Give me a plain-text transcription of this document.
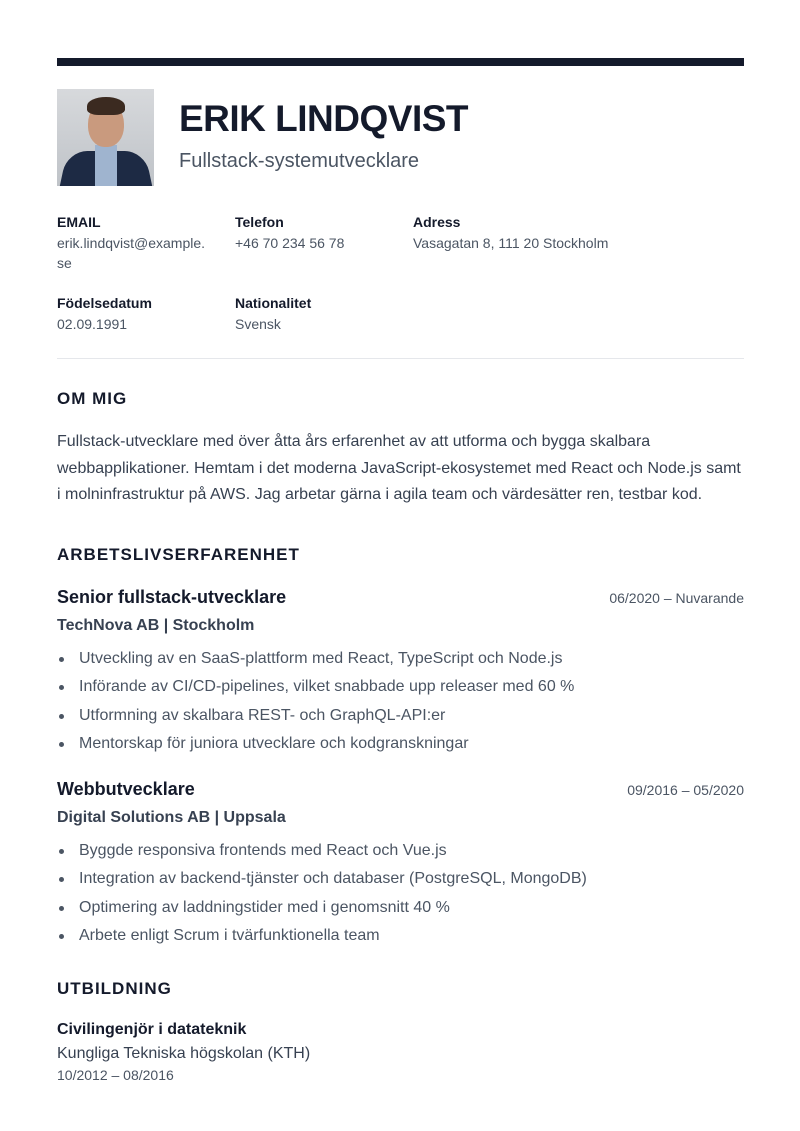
ERIK LINDQVIST
Fullstack-systemutvecklare
EMAIL
erik.lindqvist@example.se
Telefon
+46 70 234 56 78
Adress
Vasagatan 8, 111 20 Stockholm
Födelsedatum
02.09.1991
Nationalitet
Svensk
OM MIG

Fullstack-utvecklare med över åtta års erfarenhet av att utforma och bygga skalbara webbapplikationer. Hemtam i det moderna JavaScript-ekosystemet med React och Node.js samt i molninfrastruktur på AWS. Jag arbetar gärna i agila team och värdesätter ren, testbar kod.

ARBETSLIVSERFARENHET
Senior fullstack-utvecklare	06/2020 – Nuvarande
TechNova AB | Stockholm
Utveckling av en SaaS-plattform med React, TypeScript och Node.js
Införande av CI/CD-pipelines, vilket snabbade upp releaser med 60 %
Utformning av skalbara REST- och GraphQL-API:er
Mentorskap för juniora utvecklare och kodgranskningar
Webbutvecklare	09/2016 – 05/2020
Digital Solutions AB | Uppsala
Byggde responsiva frontends med React och Vue.js
Integration av backend-tjänster och databaser (PostgreSQL, MongoDB)
Optimering av laddningstider med i genomsnitt 40 %
Arbete enligt Scrum i tvärfunktionella team
UTBILDNING
Civilingenjör i datateknik
Kungliga Tekniska högskolan (KTH)
10/2012 – 08/2016
